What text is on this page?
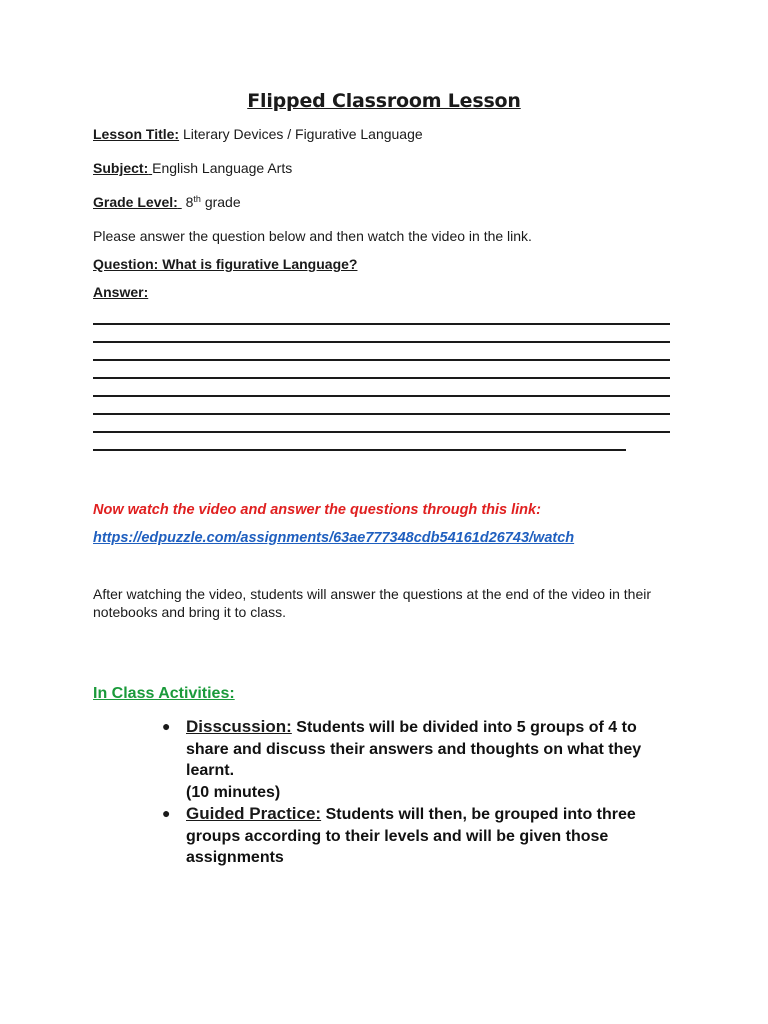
Flipped Classroom Lesson
Lesson Title: Literary Devices / Figurative Language
Subject: English Language Arts
Grade Level: 8th grade
Please answer the question below and then watch the video in the link.
Question: What is figurative Language?
Answer:
Now watch the video and answer the questions through this link:
https://edpuzzle.com/assignments/63ae777348cdb54161d26743/watch
After watching the video, students will answer the questions at the end of the video in their notebooks and bring it to class.
In Class Activities:
● Disscussion: Students will be divided into 5 groups of 4 to share and discuss their answers and thoughts on what they learnt.
(10 minutes)
● Guided Practice: Students will then, be grouped into three groups according to their levels and will be given those assignments
